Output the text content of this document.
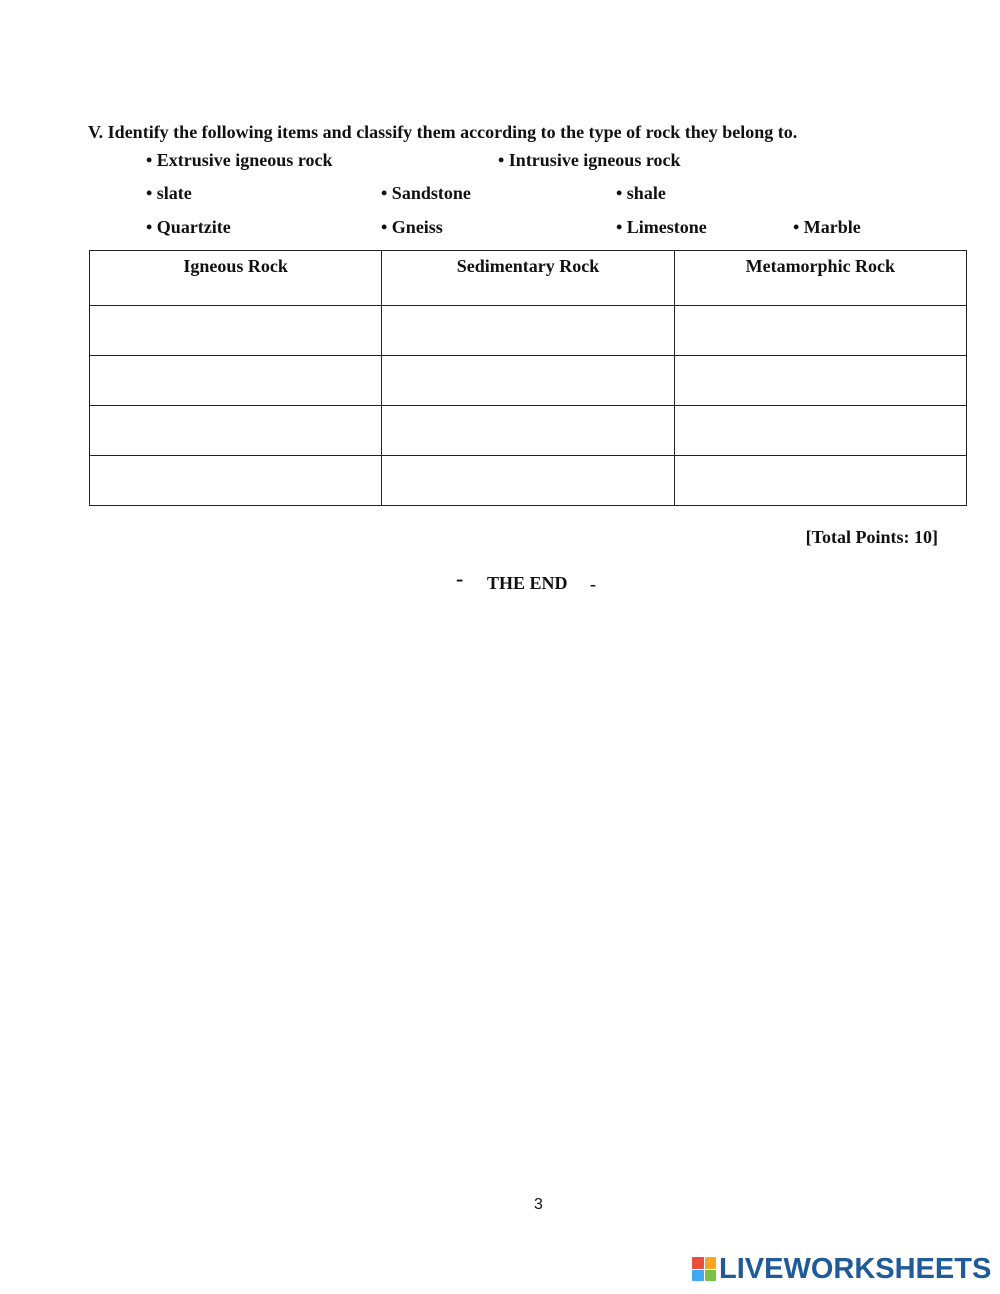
V. Identify the following items and classify them according to the type of rock they belong to.
• Extrusive igneous rock	• Intrusive igneous rock
• slate	• Sandstone	• shale
• Quartzite	• Gneiss	• Limestone	• Marble
Igneous Rock	Sedimentary Rock	Metamorphic Rock

[Total Points: 10]
- THE END -
3
LIVEWORKSHEETS
